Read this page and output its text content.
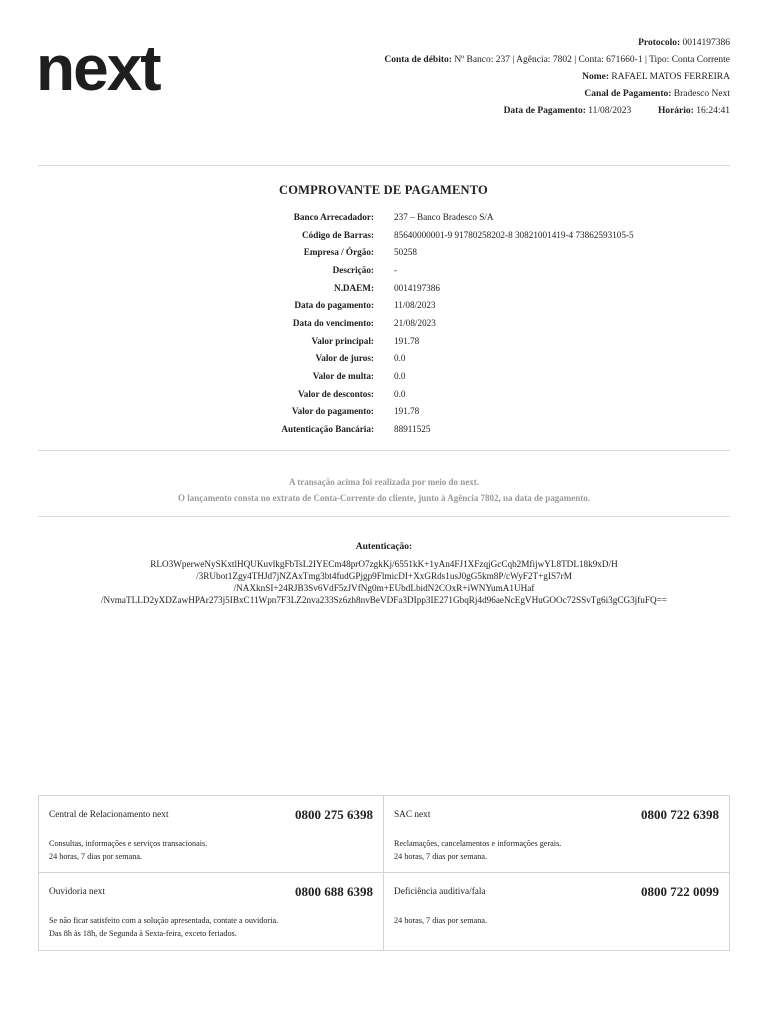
next	Protocolo: 0014197386
Conta de débito: Nº Banco: 237 | Agência: 7802 | Conta: 671660-1 | Tipo: Conta Corrente
Nome: RAFAEL MATOS FERREIRA
Canal de Pagamento: Bradesco Next
Data de Pagamento: 11/08/2023	Horário: 16:24:41
COMPROVANTE DE PAGAMENTO
Banco Arrecadador: 237 – Banco Bradesco S/A
Código de Barras: 85640000001-9 91780258202-8 30821001419-4 73862593105-5
Empresa / Órgão: 50258
Descrição: -
N.DAEM: 0014197386
Data do pagamento: 11/08/2023
Data do vencimento: 21/08/2023
Valor principal: 191.78
Valor de juros: 0.0
Valor de multa: 0.0
Valor de descontos: 0.0
Valor do pagamento: 191.78
Autenticação Bancária: 88911525
A transação acima foi realizada por meio do next.
O lançamento consta no extrato de Conta-Corrente do cliente, junto à Agência 7802, na data de pagamento.
Autenticação:
RLO3WperweNySKxtlHQUKuvlkgFbTsL2IYECm48prO7zgkKj/6551kK+1yAn4FJ1XFzqjGcCqb2MfijwYL8TDL18k9xD/H
/3RUbot1Zgy4THJd7jNZAxTmg3bt4fudGPjgp9FlmicDI+XxGRds1usJ0gG5km8P/cWyF2T+gIS7rM
/NAXknSI+24RJB3Sv6VdF5zJVfNg0m+EUbdLbidN2COxR+iWNYumA1UHaf
/NvmaTLLD2yXDZawHPAr273j5IBxC11Wpn7F3LZ2nva233Sz6zh8nvBeVDFa3DIpp3IE271GbqRj4d96aeNcEgVHuGOOc72SSvTg6i3gCG3jfuFQ==
Central de Relacionamento next	0800 275 6398
Consultas, informações e serviços transacionais.
24 horas, 7 dias por semana.
SAC next	0800 722 6398
Reclamações, cancelamentos e informações gerais.
24 horas, 7 dias por semana.
Ouvidoria next	0800 688 6398
Se não ficar satisfeito com a solução apresentada, contate a ouvidoria.
Das 8h às 18h, de Segunda à Sexta-feira, exceto feriados.
Deficiência auditiva/fala	0800 722 0099
24 horas, 7 dias por semana.
